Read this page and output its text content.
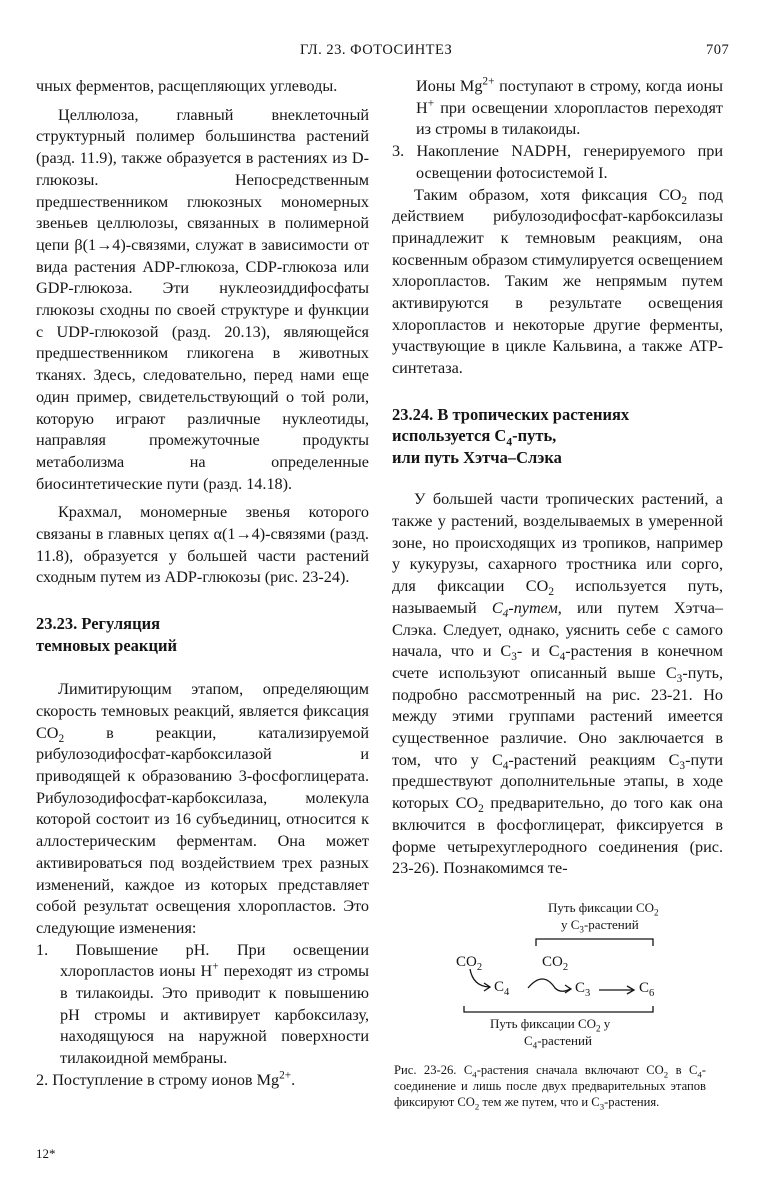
ГЛ. 23. ФОТОСИНТЕЗ	707

чных ферментов, расщепляющих углеводы.

Целлюлоза, главный внеклеточный структурный полимер большинства растений (разд. 11.9), также образуется в растениях из D-глюкозы. Непосредственным предшественником глюкозных мономерных звеньев целлюлозы, связанных в полимерной цепи β(1→4)-связями, служат в зависимости от вида растения ADP-глюкоза, CDP-глюкоза или GDP-глюкоза. Эти нуклеозиддифосфаты глюкозы сходны по своей структуре и функции с UDP-глюкозой (разд. 20.13), являющейся предшественником гликогена в животных тканях. Здесь, следовательно, перед нами еще один пример, свидетельствующий о той роли, которую играют различные нуклеотиды, направляя промежуточные продукты метаболизма на определенные биосинтетические пути (разд. 14.18).

Крахмал, мономерные звенья которого связаны в главных цепях α(1→4)-связями (разд. 11.8), образуется у большей части растений сходным путем из ADP-глюкозы (рис. 23-24).

23.23. Регуляция
темновых реакций

Лимитирующим этапом, определяющим скорость темновых реакций, является фиксация $CO_2$ в реакции, катализируемой рибулозодифосфат-карбоксилазой и приводящей к образованию 3-фосфоглицерата. Рибулозодифосфат-карбоксилаза, молекула которой состоит из 16 субъединиц, относится к аллостерическим ферментам. Она может активироваться под воздействием трех разных изменений, каждое из которых представляет собой результат освещения хлоропластов. Это следующие изменения:

1. Повышение pH. При освещении хлоропластов ионы H+ переходят из стромы в тилакоиды. Это приводит к повышению pH стромы и активирует карбоксилазу, находящуюся на наружной поверхности тилакоидной мембраны.

2. Поступление в строму ионов $Mg^{2+}$.

Ионы $Mg^{2+}$ поступают в строму, когда ионы H+ при освещении хлоропластов переходят из стромы в тилакоиды.

3. Накопление NADPH, генерируемого при освещении фотосистемой I.

Таким образом, хотя фиксация $CO_2$ под действием рибулозодифосфат-карбоксилазы принадлежит к темновым реакциям, она косвенным образом стимулируется освещением хлоропластов. Таким же непрямым путем активируются в результате освещения хлоропластов и некоторые другие ферменты, участвующие в цикле Кальвина, а также ATP-синтетаза.

23.24. В тропических растениях
используется $C_4$-путь,
или путь Хэтча–Слэка

У большей части тропических растений, а также у растений, возделываемых в умеренной зоне, но происходящих из тропиков, например у кукурузы, сахарного тростника или сорго, для фиксации $CO_2$ используется путь, называемый $C_4$-путем, или путем Хэтча–Слэка. Следует, однако, уяснить себе с самого начала, что и $C_3-$ и $C_4$-растения в конечном счете используют описанный выше $C_3$-путь, подробно рассмотренный на рис. 23-21. Но между этими группами растений имеется существенное различие. Оно заключается в том, что у $C_4$-растений реакциям $C_3$-пути предшествуют дополнительные этапы, в ходе которых $CO_2$ предварительно, до того как она включится в фосфоглицерат, фиксируется в форме четырехуглеродного соединения (рис. 23-26). Познакомимся те-

Путь фиксации $CO_2$
у $C_3$-растений
$CO_2$	$CO_2$
$C_4$	$C_3$	$C_6$
Путь фиксации $CO_2$ у
$C_4$-растений
Рис. 23-26. $C_4$-растения сначала включают $CO_2$ в $C_4$-соединение и лишь после двух предварительных этапов фиксируют $CO_2$ тем же путем, что и $C_3$-растения.
12*
